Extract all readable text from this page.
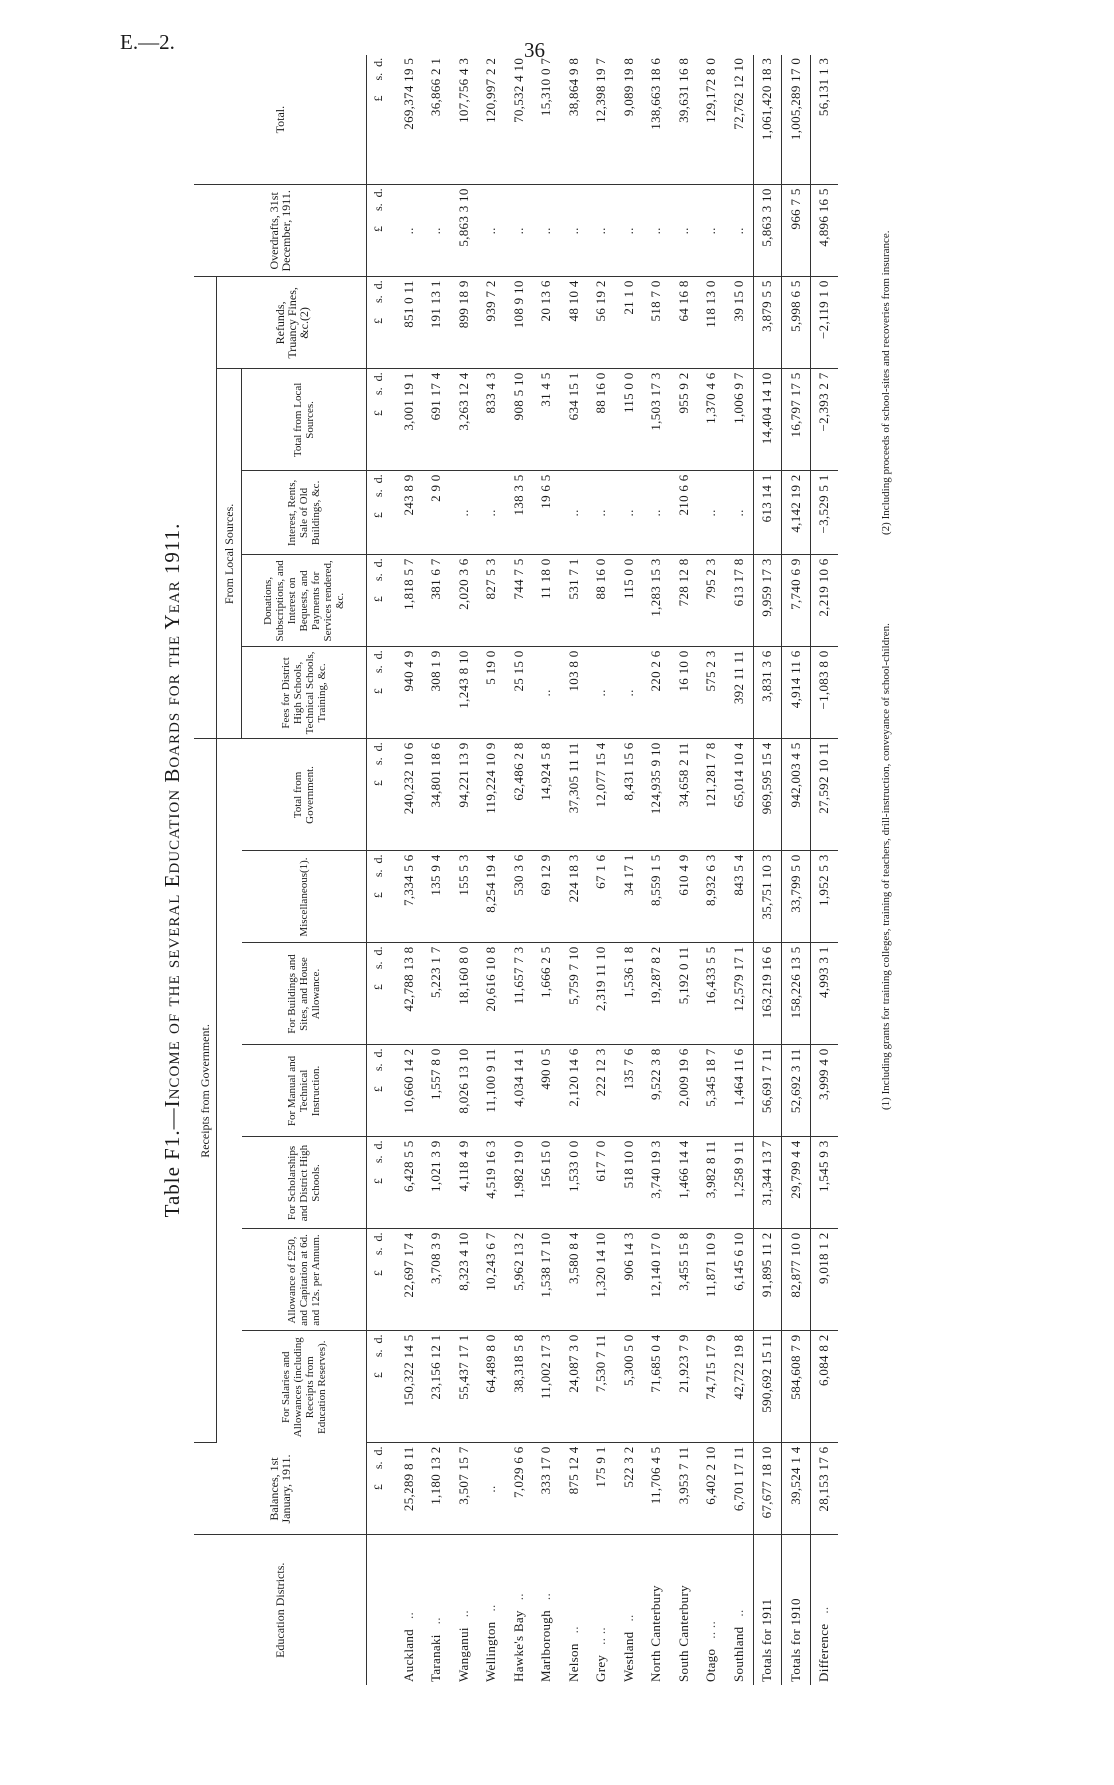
E.—2.	36
Table F1.—Income of the several Education Boards for the Year 1911.
Education Districts.	Balances, 1st January, 1911.	Receipts from Government.												Overdrafts, 31st December, 1911.	Total.
									From Local Sources.				Refunds, Truancy Fines, &c.(2)		
		For Salaries and Allowances (including Receipts from Education Reserves).	Allowance of £250, and Capitation at 6d. and 12s. per Annum.	For Scholarships and District High Schools.	For Manual and Technical Instruction.	For Buildings and Sites, and House Allowance.	Miscellaneous(1).	Total from Government.	Fees for District High Schools, Technical Schools, Training, &c.	Donations, Subscriptions, and Interest on Bequests, and Payments for Services rendered, &c.	Interest, Rents, Sale of Old Buildings, &c.	Total from Local Sources.			
	£     s.  d.	£     s.  d.	£     s.  d.	£     s.  d.	£     s.  d.	£     s.  d.	£     s.  d.	£     s.  d.	£     s.  d.	£     s.  d.	£     s.  d.	£     s.  d.	£     s.  d.	£     s.  d.	£     s.  d.
Auckland..	25,289 8 11	150,322 14 5	22,697 17 4	6,428 5 5	10,660 14 2	42,788 13 8	7,334 5 6	240,232 10 6	940 4 9	1,818 5 7	243 8 9	3,001 19 1	851 0 11	..	269,374 19 5
Taranaki..	1,180 13 2	23,156 12 1	3,708 3 9	1,021 3 9	1,557 8 0	5,223 1 7	135 9 4	34,801 18 6	308 1 9	381 6 7	2 9 0	691 17 4	191 13 1	..	36,866 2 1
Wanganui..	3,507 15 7	55,437 17 1	8,323 4 10	4,118 4 9	8,026 13 10	18,160 8 0	155 5 3	94,221 13 9	1,243 8 10	2,020 3 6	..	3,263 12 4	899 18 9	5,863 3 10	107,756 4 3
Wellington..	..	64,489 8 0	10,243 6 7	4,519 16 3	11,100 9 11	20,616 10 8	8,254 19 4	119,224 10 9	5 19 0	827 5 3	..	833 4 3	939 7 2	..	120,997 2 2
Hawke's Bay..	7,029 6 6	38,318 5 8	5,962 13 2	1,982 19 0	4,034 14 1	11,657 7 3	530 3 6	62,486 2 8	25 15 0	744 7 5	138 3 5	908 5 10	108 9 10	..	70,532 4 10
Marlborough..	333 17 0	11,002 17 3	1,538 17 10	156 15 0	490 0 5	1,666 2 5	69 12 9	14,924 5 8	..	11 18 0	19 6 5	31 4 5	20 13 6	..	15,310 0 7
Nelson..	875 12 4	24,087 3 0	3,580 8 4	1,533 0 0	2,120 14 6	5,759 7 10	224 18 3	37,305 11 11	103 8 0	531 7 1	..	634 15 1	48 10 4	..	38,864 9 8
Grey.. ..	175 9 1	7,530 7 11	1,320 14 10	617 7 0	222 12 3	2,319 11 10	67 1 6	12,077 15 4	..	88 16 0	..	88 16 0	56 19 2	..	12,398 19 7
Westland..	522 3 2	5,300 5 0	906 14 3	518 10 0	135 7 6	1,536 1 8	34 17 1	8,431 15 6	..	115 0 0	..	115 0 0	21 1 0	..	9,089 19 8
North Canterbury	11,706 4 5	71,685 0 4	12,140 17 0	3,740 19 3	9,522 3 8	19,287 8 2	8,559 1 5	124,935 9 10	220 2 6	1,283 15 3	..	1,503 17 3	518 7 0	..	138,663 18 6
South Canterbury	3,953 7 11	21,923 7 9	3,455 15 8	1,466 14 4	2,009 19 6	5,192 0 11	610 4 9	34,658 2 11	16 10 0	728 12 8	210 6 6	955 9 2	64 16 8	..	39,631 16 8
Otago.. ..	6,402 2 10	74,715 17 9	11,871 10 9	3,982 8 11	5,345 18 7	16,433 5 5	8,932 6 3	121,281 7 8	575 2 3	795 2 3	..	1,370 4 6	118 13 0	..	129,172 8 0
Southland..	6,701 17 11	42,722 19 8	6,145 6 10	1,258 9 11	1,464 11 6	12,579 17 1	843 5 4	65,014 10 4	392 11 11	613 17 8	..	1,006 9 7	39 15 0	..	72,762 12 10
Totals for 1911	67,677 18 10	590,692 15 11	91,895 11 2	31,344 13 7	56,691 7 11	163,219 16 6	35,751 10 3	969,595 15 4	3,831 3 6	9,959 17 3	613 14 1	14,404 14 10	3,879 5 5	5,863 3 10	1,061,420 18 3
Totals for 1910	39,524 1 4	584,608 7 9	82,877 10 0	29,799 4 4	52,692 3 11	158,226 13 5	33,799 5 0	942,003 4 5	4,914 11 6	7,740 6 9	4,142 19 2	16,797 17 5	5,998 6 5	966 7 5	1,005,289 17 0
Difference..	28,153 17 6	6,084 8 2	9,018 1 2	1,545 9 3	3,999 4 0	4,993 3 1	1,952 5 3	27,592 10 11	−1,083 8 0	2,219 10 6	−3,529 5 1	−2,393 2 7	−2,119 1 0	4,896 16 5	56,131 1 3
(1) Including grants for training colleges, training of teachers, drill-instruction, conveyance of school-children.
(2) Including proceeds of school-sites and recoveries from insurance.
